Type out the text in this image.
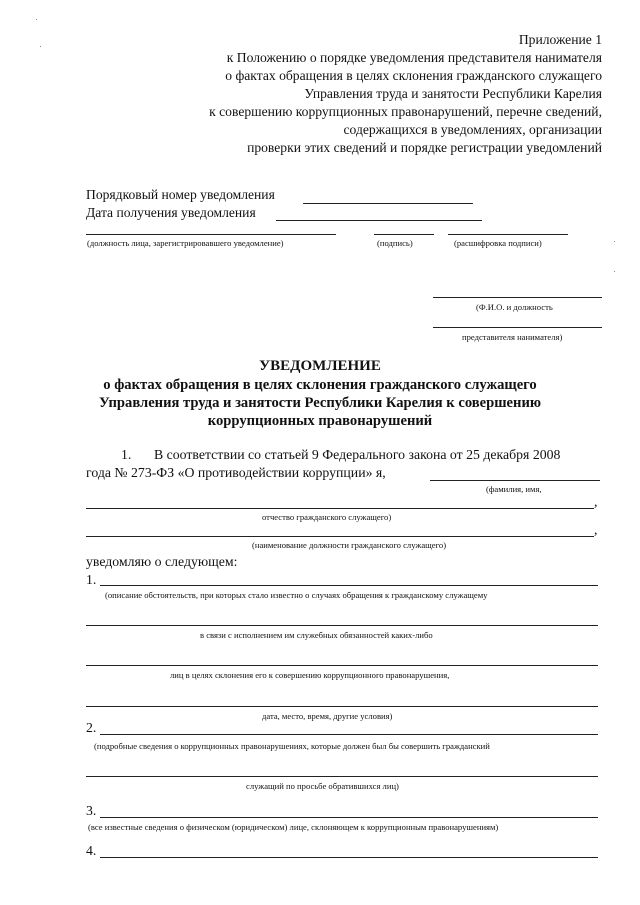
Приложение 1
к Положению о порядке уведомления представителя нанимателя
о фактах обращения в целях склонения гражданского служащего
Управления труда и занятости Республики Карелия
к совершению коррупционных правонарушений, перечне сведений,
содержащихся в уведомлениях, организации
проверки этих сведений и порядке регистрации уведомлений
Порядковый номер уведомления
Дата получения уведомления
(должность лица, зарегистрировавшего уведомление)	(подпись)	(расшифровка подписи)
(Ф.И.О. и должность
представителя нанимателя)
УВЕДОМЛЕНИЕ
о фактах обращения в целях склонения гражданского служащего
Управления труда и занятости Республики Карелия к совершению
коррупционных правонарушений
1. В соответствии со статьей 9 Федерального закона от 25 декабря 2008
года № 273-ФЗ «О противодействии коррупции» я,
(фамилия, имя,
,
отчество гражданского служащего)
,
(наименование должности гражданского служащего)
уведомляю о следующем:
1.
(описание обстоятельств, при которых стало известно о случаях обращения к гражданскому служащему
в связи с исполнением им служебных обязанностей каких-либо
лиц в целях склонения его к совершению коррупционного правонарушения,
дата, место, время, другие условия)
2.
(подробные сведения о коррупционных правонарушениях, которые должен был бы совершить гражданский
служащий по просьбе обратившихся лиц)
3.
(все известные сведения о физическом (юридическом) лице, склоняющем к коррупционным правонарушениям)
4.
